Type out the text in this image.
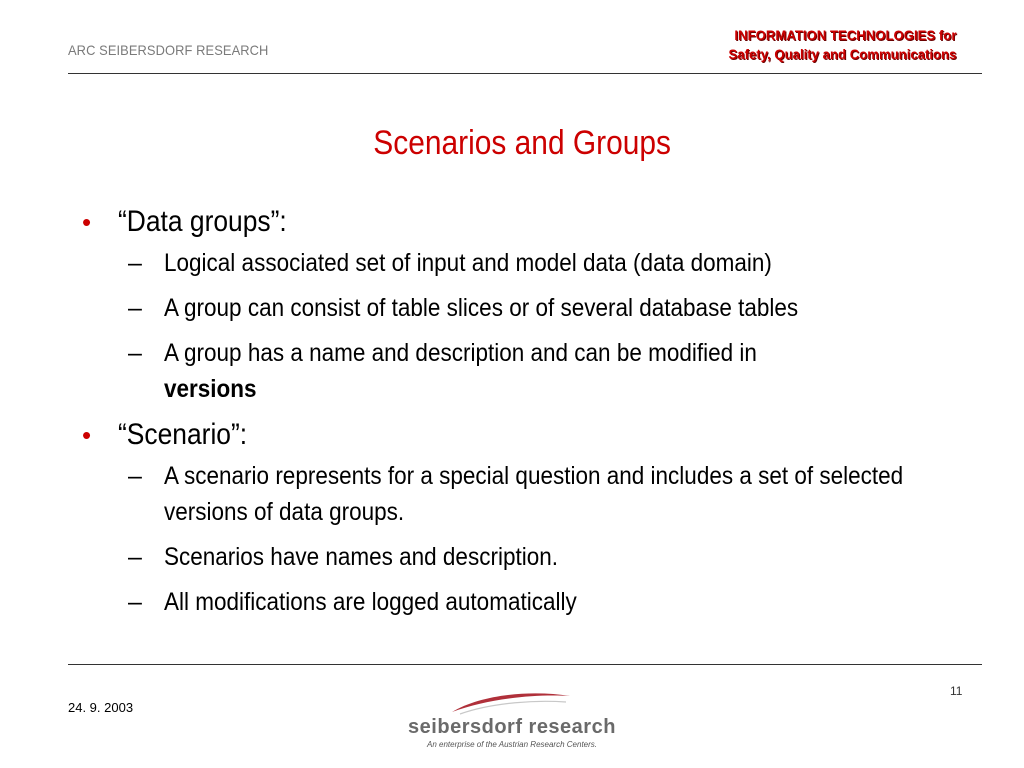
ARC SEIBERSDORF RESEARCH
INFORMATION TECHNOLOGIES for
Safety, Quality and Communications
Scenarios and Groups
• “Data groups”:
– Logical associated set of input and model data (data domain)
– A group can consist of table slices or of several database tables
– A group has a name and description and can be modified in
versions
• “Scenario”:
– A scenario represents for a special question and includes a set of selected versions of data groups.
– Scenarios have names and description.
– All modifications are logged automatically
11
24. 9. 2003
seibersdorf research
An enterprise of the Austrian Research Centers.
